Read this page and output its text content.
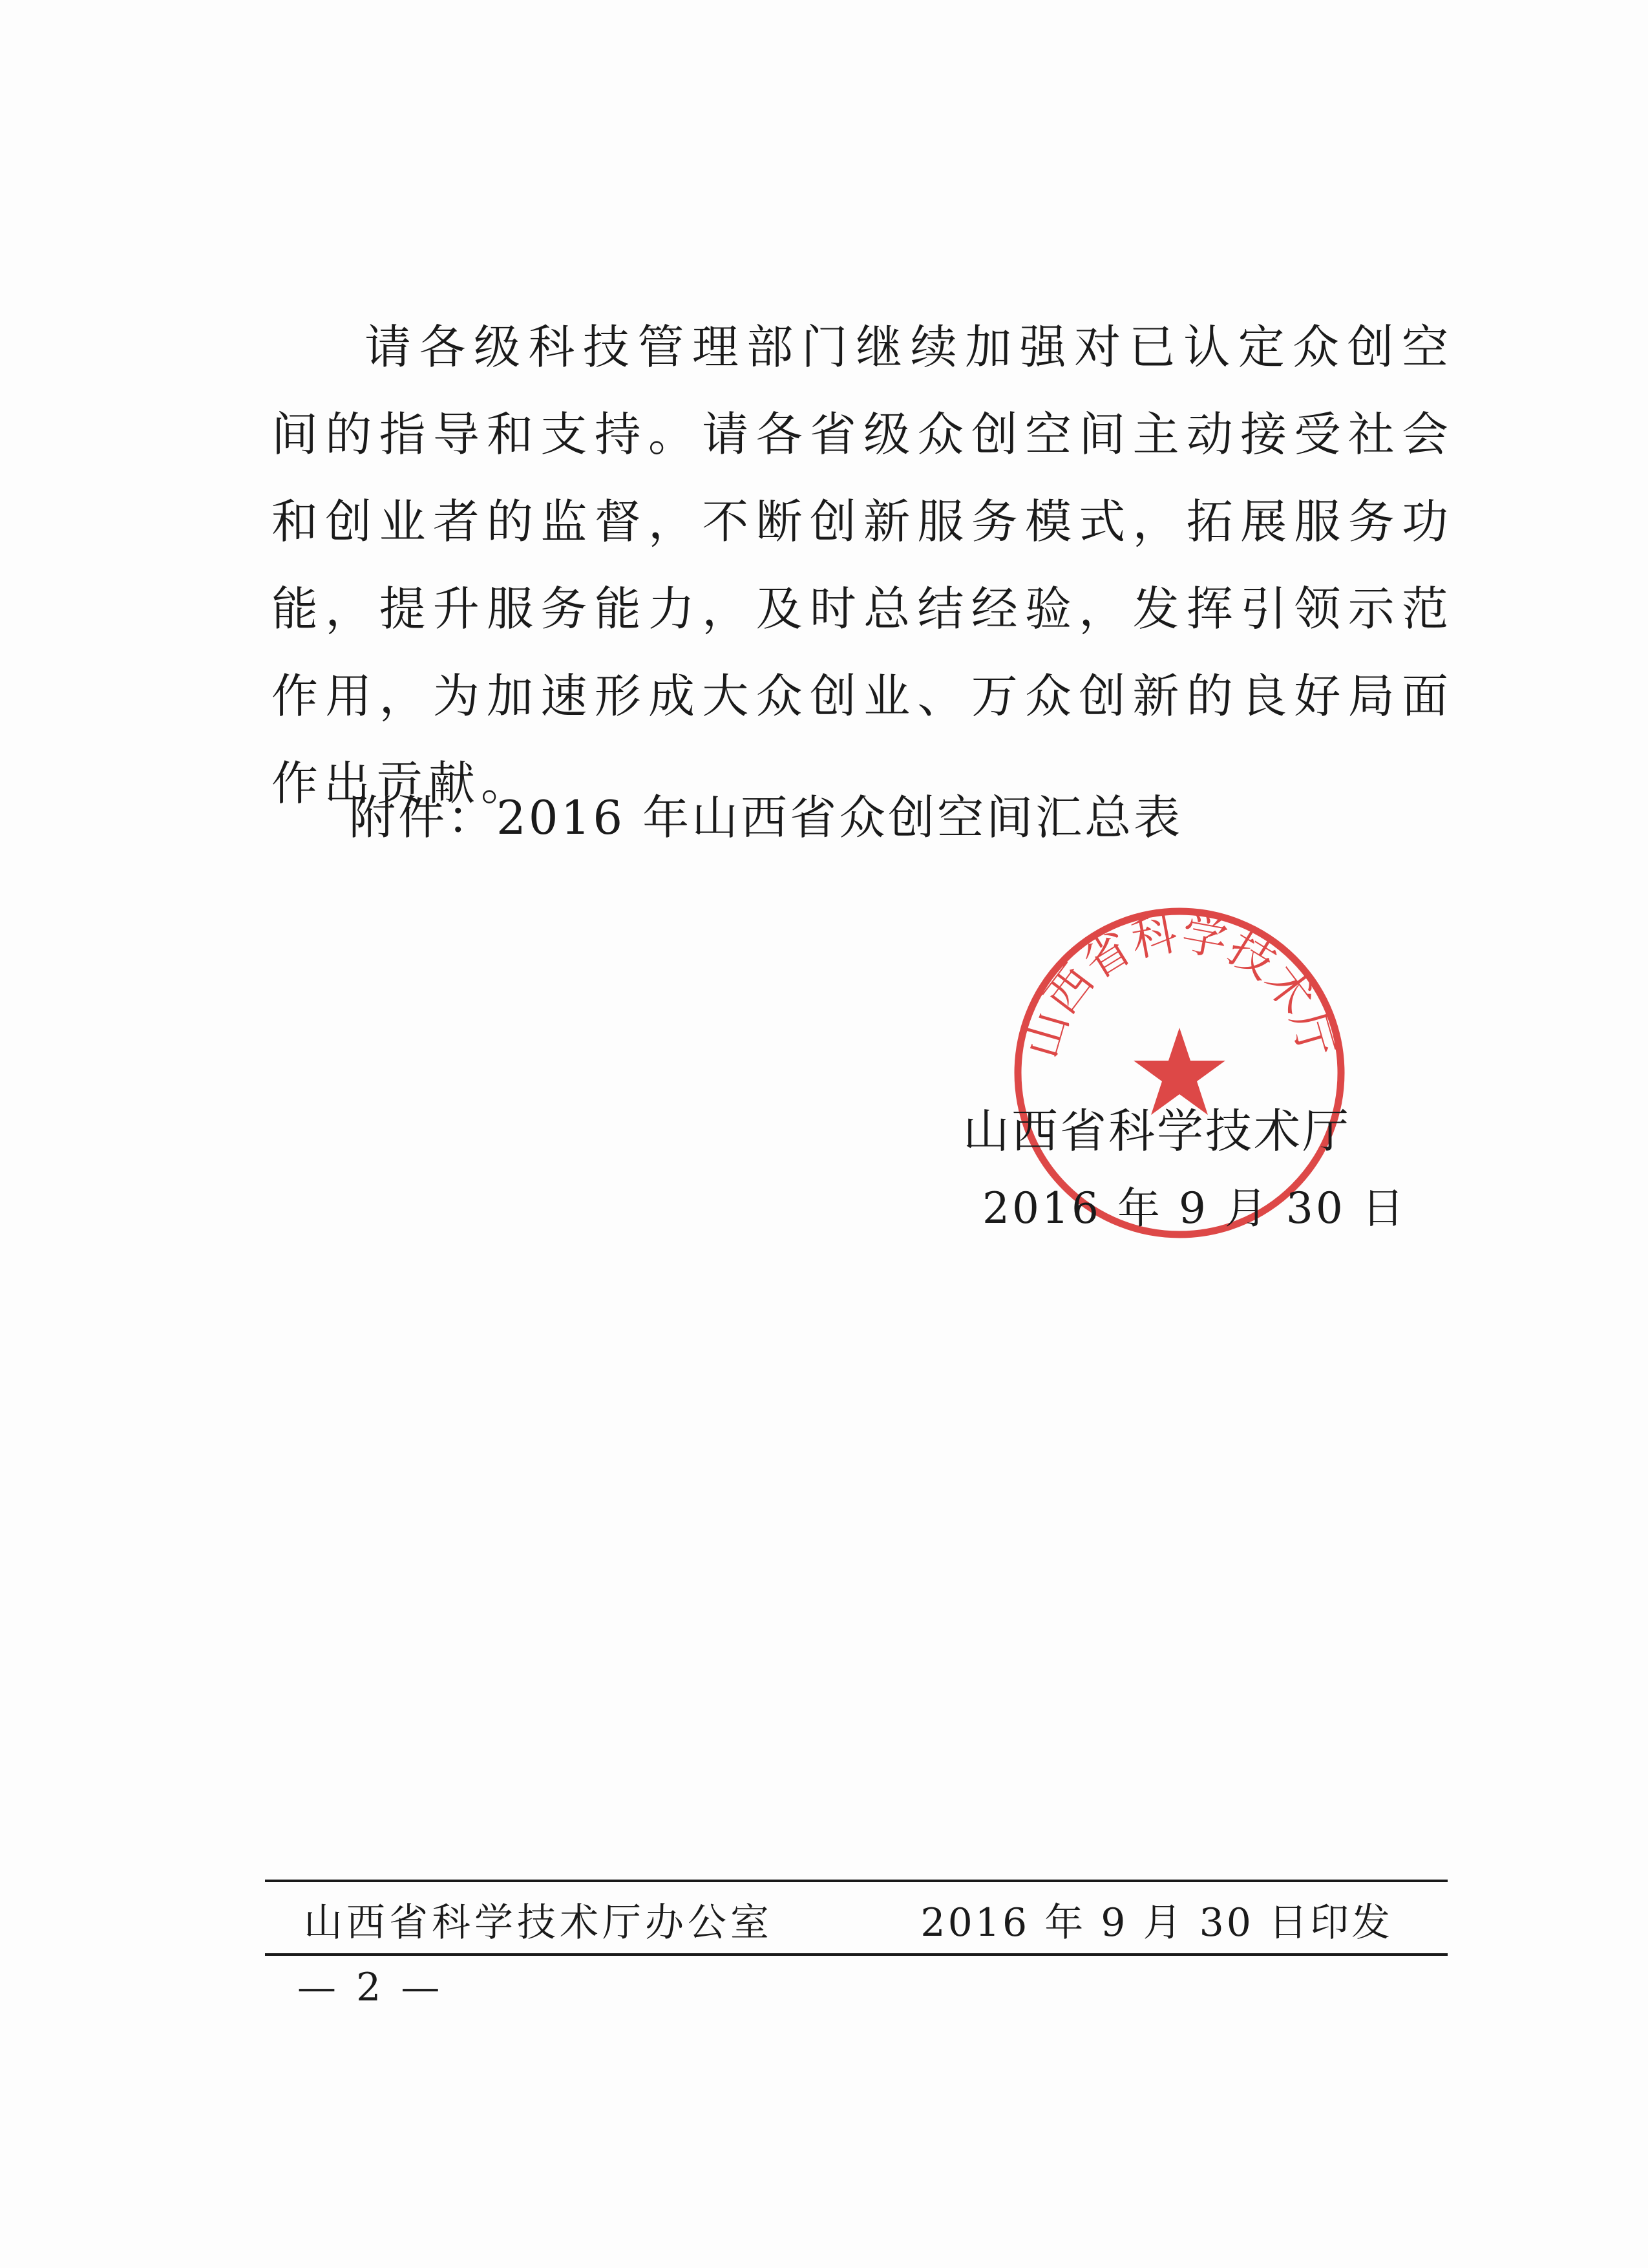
请各级科技管理部门继续加强对已认定众创空间的指导和支持。请各省级众创空间主动接受社会和创业者的监督，不断创新服务模式，拓展服务功能，提升服务能力，及时总结经验，发挥引领示范作用，为加速形成大众创业、万众创新的良好局面作出贡献。

附件：2016 年山西省众创空间汇总表
山西省科学技术厅
山西省科学技术厅
2016 年 9 月 30 日
山西省科学技术厅办公室	2016 年 9 月 30 日印发
— 2 —
